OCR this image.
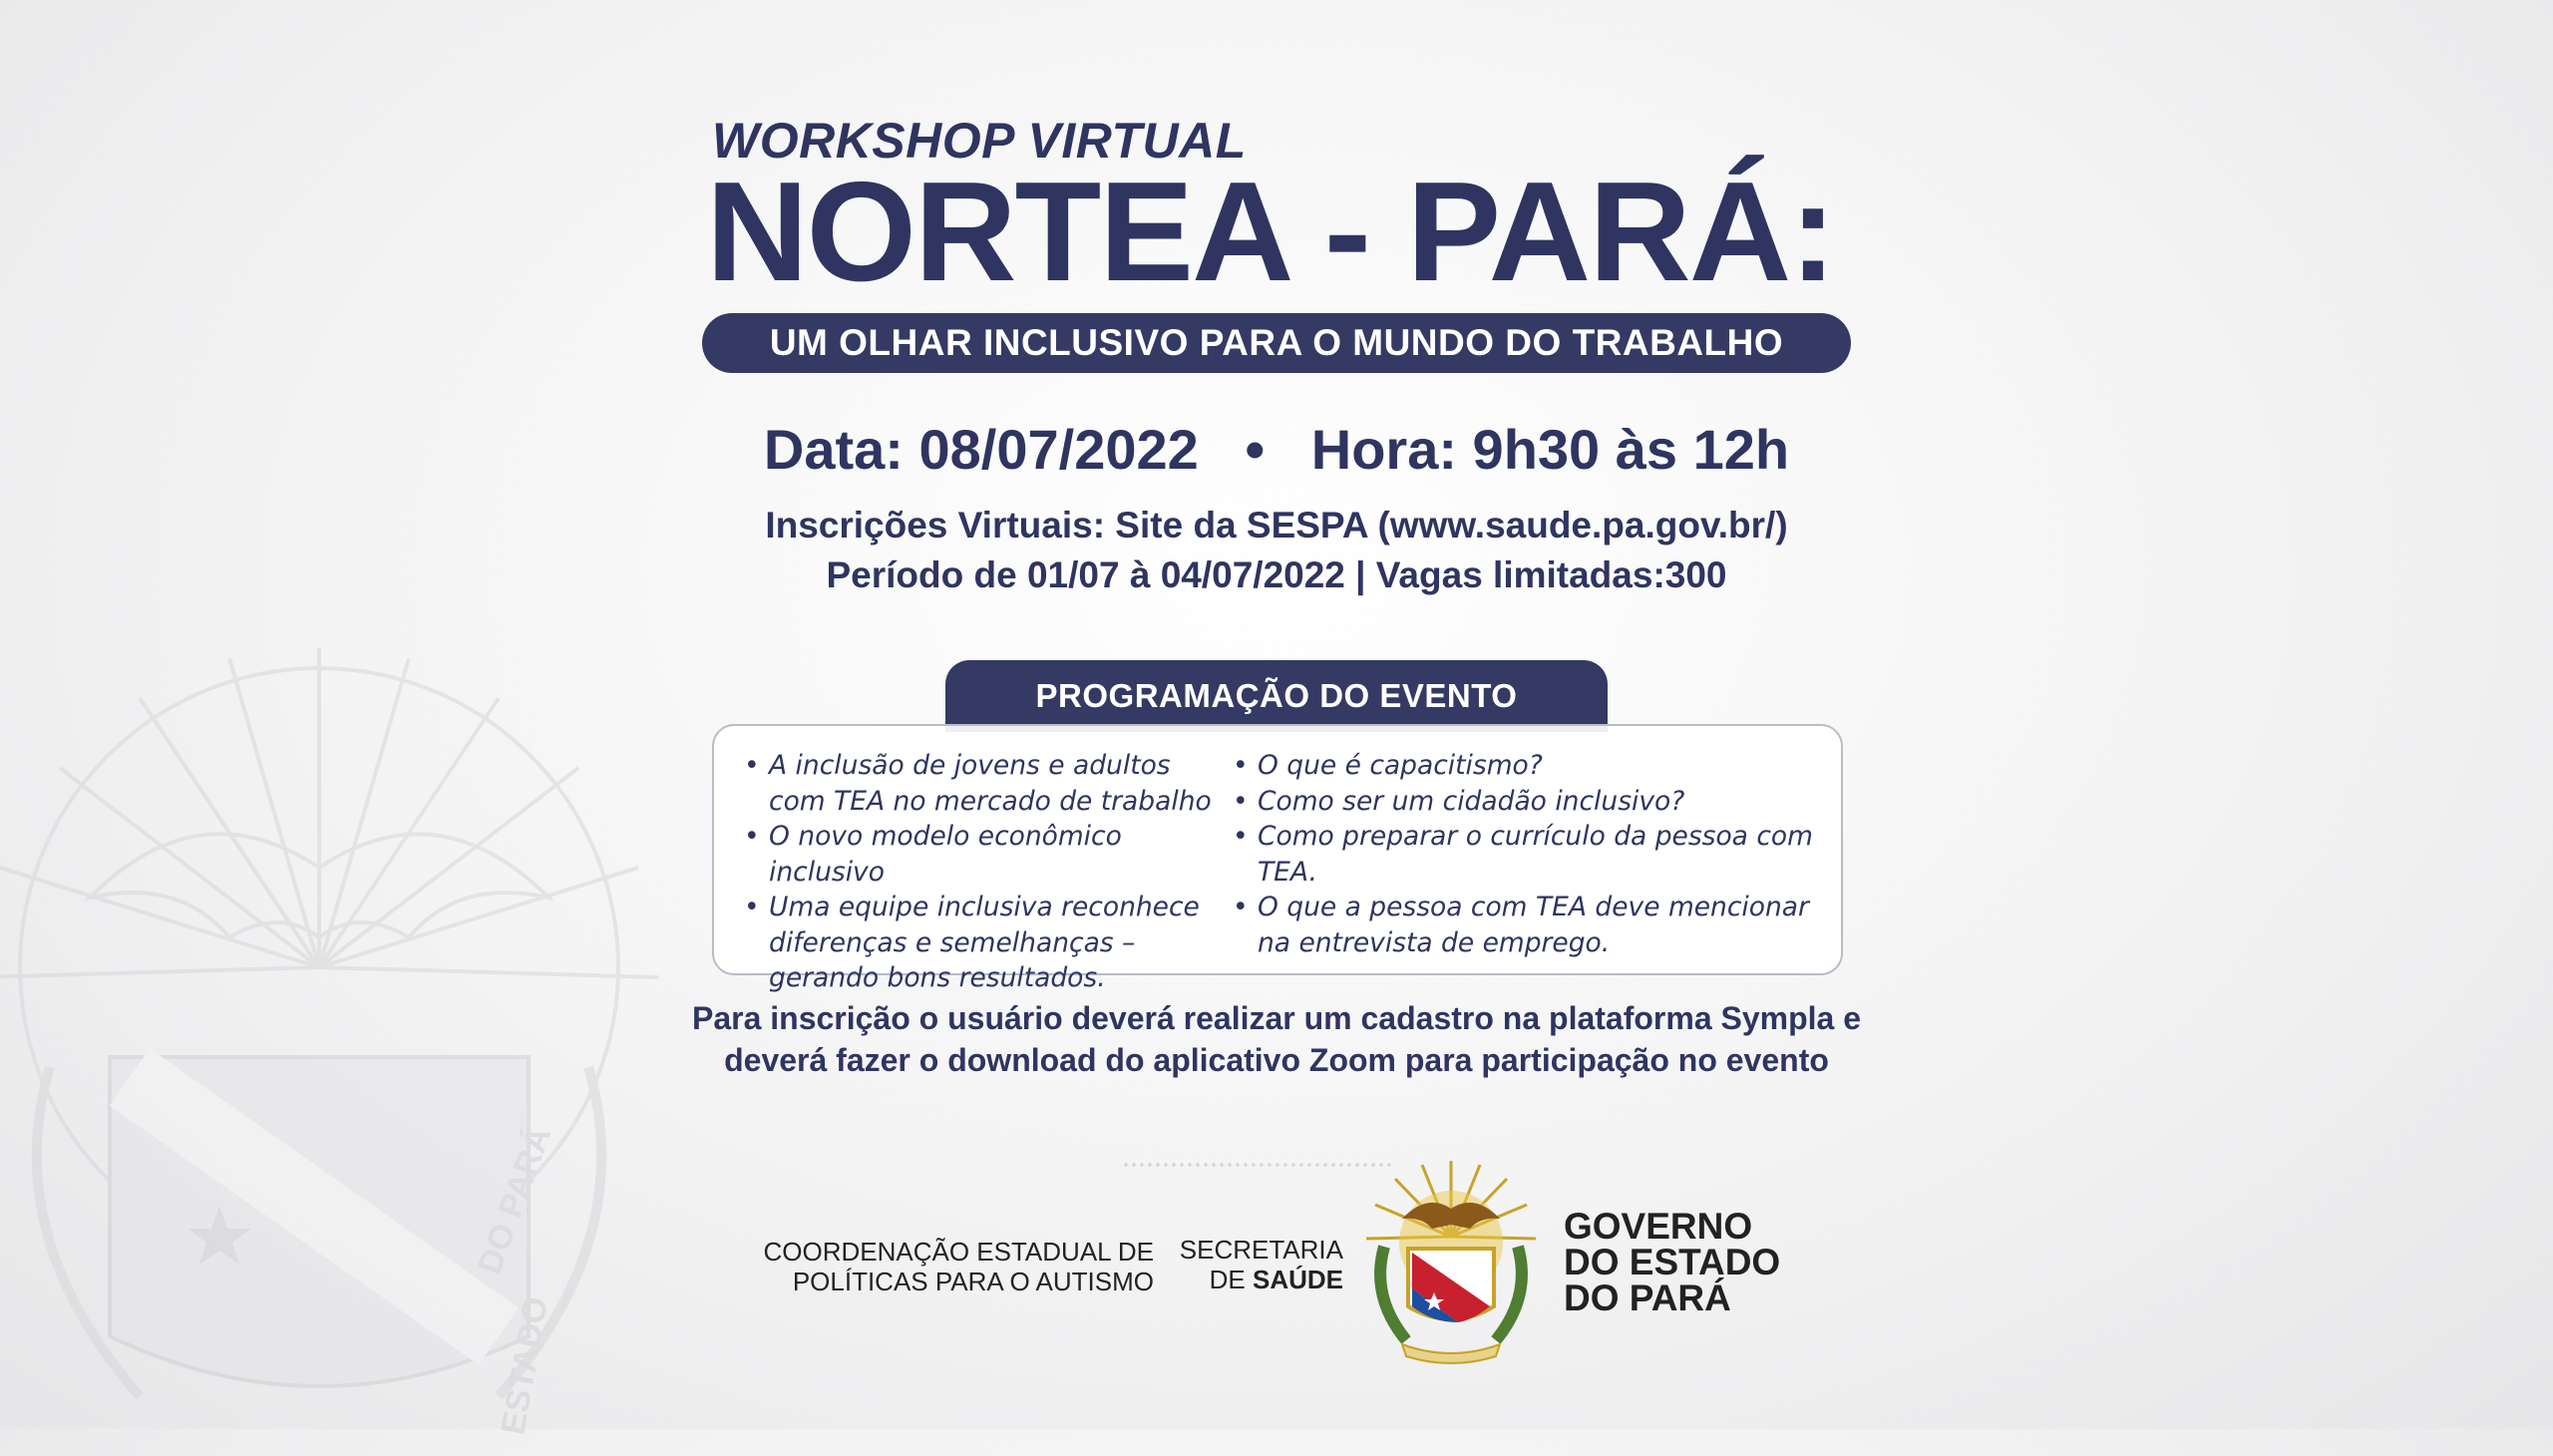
DO PARÁ
ESTADO
WORKSHOP VIRTUAL
NORTEA - PARÁ:
UM OLHAR INCLUSIVO PARA O MUNDO DO TRABALHO
Data: 08/07/2022 • Hora: 9h30 às 12h
Inscrições Virtuais: Site da SESPA (www.saude.pa.gov.br/)
Período de 01/07 à 04/07/2022 | Vagas limitadas:300
PROGRAMAÇÃO DO EVENTO
• A inclusão de jovens e adultos com TEA no mercado de trabalho
• O novo modelo econômico inclusivo
• Uma equipe inclusiva reconhece diferenças e semelhanças – gerando bons resultados.
• O que é capacitismo?
• Como ser um cidadão inclusivo?
• Como preparar o currículo da pessoa com TEA.
• O que a pessoa com TEA deve mencionar na entrevista de emprego.
Para inscrição o usuário deverá realizar um cadastro na plataforma Sympla e
deverá fazer o download do aplicativo Zoom para participação no evento
COORDENAÇÃO ESTADUAL DE
POLÍTICAS PARA O AUTISMO
SECRETARIA
DE SAÚDE
GOVERNO
DO ESTADO
DO PARÁ
